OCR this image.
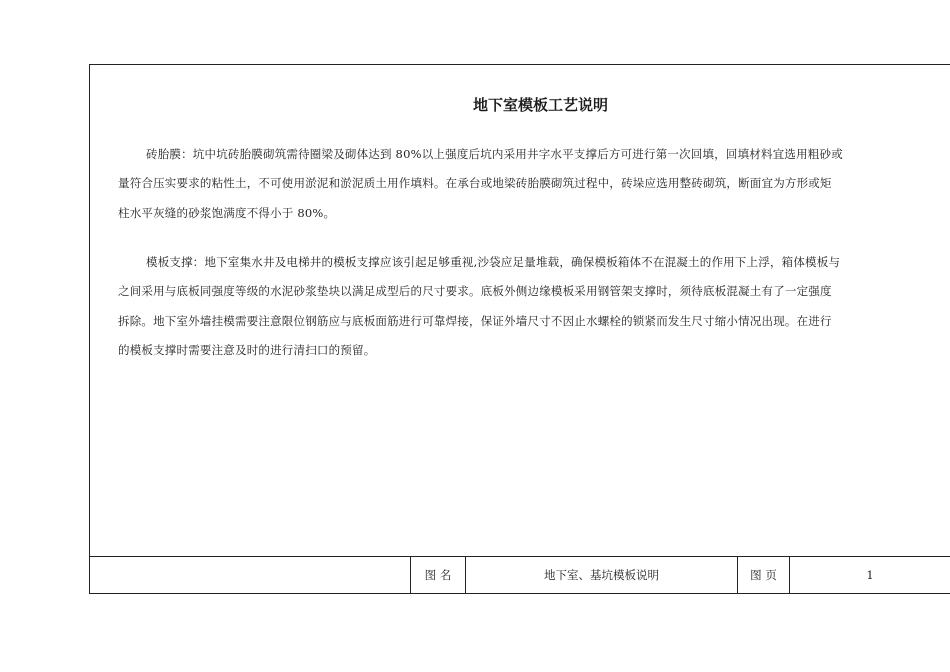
地下室模板工艺说明
砖胎膜：坑中坑砖胎膜砌筑需待圈梁及砌体达到 80%以上强度后坑内采用井字水平支撑后方可进行第一次回填，回填材料宜选用粗砂或
量符合压实要求的粘性土，不可使用淤泥和淤泥质土用作填料。在承台或地梁砖胎膜砌筑过程中，砖垛应选用整砖砌筑，断面宜为方形或矩
柱水平灰缝的砂浆饱满度不得小于 80%。
模板支撑：地下室集水井及电梯井的模板支撑应该引起足够重视,沙袋应足量堆载，确保模板箱体不在混凝土的作用下上浮，箱体模板与
之间采用与底板同强度等级的水泥砂浆垫块以满足成型后的尺寸要求。底板外侧边缘模板采用钢管架支撑时，须待底板混凝土有了一定强度
拆除。地下室外墙挂模需要注意限位钢筋应与底板面筋进行可靠焊接，保证外墙尺寸不因止水螺栓的锁紧而发生尺寸缩小情况出现。在进行
的模板支撑时需要注意及时的进行清扫口的预留。
图 名	地下室、基坑模板说明	图 页	1
